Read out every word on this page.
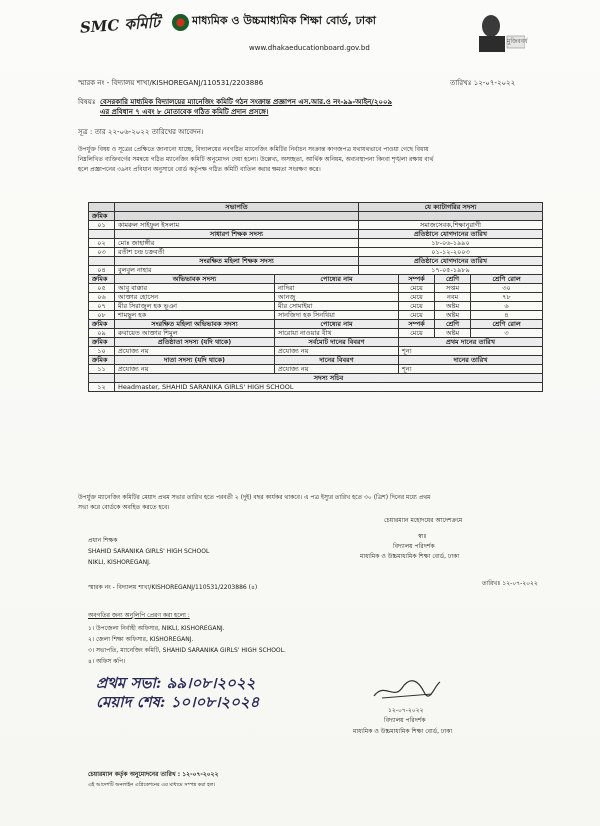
SMC কমিটি	মাধ্যমিক ও উচ্চমাধ্যমিক শিক্ষা বোর্ড, ঢাকা
www.dhakaeducationboard.gov.bd
মুজিববর্ষ
স্মারক নং - বিদ্যালয় শাখা/KISHOREGANJ/110531/2203886	তারিখঃ ১২-০৭-২০২২
বিষয়ঃ বেসরকারি মাধ্যমিক বিদ্যালয়ের ম্যানেজিং কমিটি গঠন সংক্রান্ত প্রজ্ঞাপন এস.আর.ও নং-৯৯-আইন/২০০৯
এর প্রবিধান ৭ এবং ৮ মোতাবেক গঠিত কমিটি প্রদান প্রসঙ্গে।
সূত্র : তার ২২-০৬-২০২২ তারিখের আবেদন।
উপর্যুক্ত বিষয় ও সূত্রের প্রেক্ষিতে জানানো যাচ্ছে, বিদ্যালয়ের নবগঠিত ম্যানেজিং কমিটির নির্বাচন সংক্রান্ত কাগজপত্র যথাযথভাবে পাওয়া গেছে বিধায়
নিম্নলিখিত ব্যক্তিবর্গের সমন্বয়ে গঠিত ম্যানেজিং কমিটি অনুমোদন দেয়া হলো। উল্লেখ্য, অসচ্ছতা, আর্থিক অনিয়ম, অব্যবস্থাপনা কিংবা শৃঙ্খলা রক্ষায় ব্যর্থ
হলে প্রজ্ঞাপনের ৩৯নং প্রবিধান অনুসারে বোর্ড কর্তৃপক্ষ গঠিত কমিটি বাতিল করার ক্ষমতা সংরক্ষণ করে।
	সভাপতি		যে ক্যাটাগরির সদস্য			
ক্রমিক						
০১	কামরুল সাইফুল ইসলাম		সমাজসেবক,শিক্ষানুরাগী			
	সাধারণ শিক্ষক সদস্য		প্রতিষ্ঠানে যোগদানের তারিখ			
০২	মোঃ জাহাঙ্গীর		১৮-০৬-১৯৯০			
০৩	রতীশ চন্দ্র চক্রবর্তী		০১-১২-২০০৩			
	সংরক্ষিত মহিলা শিক্ষক সদস্য		প্রতিষ্ঠানে যোগদানের তারিখ			
০৪	বুলবুল নাহার		১৭-০৫-১৯৮৯			
ক্রমিক	অভিভাবক সদস্য	পোষ্যের নাম		সম্পর্ক	শ্রেণি	শ্রেণি রোল
০৫	আবু বাক্কার	নাদিরা		মেয়ে	সপ্তম	৩০
০৬	আক্তার হোসেন	আনজু		মেয়ে	নবম	৭৮
০৭	মীর সিরাজুল হক ভূঞা	মীর সোমাইয়া		মেয়ে	অষ্টম	৬
০৮	শামছুল হক	সানজিদা হক সিনথিয়া		মেয়ে	অষ্টম	৪
ক্রমিক	সংরক্ষিত মহিলা অভিভাবক সদস্য	পোষ্যের নাম		সম্পর্ক	শ্রেণি	শ্রেণি রোল
০৯	রুবায়েত আক্তার শিমুল	সারোয়া নাওয়ার বীথ		মেয়ে	অষ্টম	৩
ক্রমিক	প্রতিষ্ঠাতা সদস্য (যদি থাকে)	সর্বমোট দানের বিবরণ		প্রথম দানের তারিখ		
১০	প্রযোজ্য নয়	প্রযোজ্য নয়		শূন্য		
ক্রমিক	দাতা সদস্য (যদি থাকে)	দানের বিবরণ		দানের তারিখ		
১১	প্রযোজ্য নয়	প্রযোজ্য নয়		শূন্য		
	সদস্য সচিব					
১২	Headmaster, SHAHID SARANIKA GIRLS' HIGH SCHOOL					
উপর্যুক্ত ম্যানেজিং কমিটির মেয়াদ প্রথম সভার তারিখ হতে পরবর্তী ২ (দুই) বছর কার্যকর থাকবে। এ পত্র ইস্যুর তারিখ হতে ৩০ (ত্রিশ) দিনের মধ্যে প্রথম
সভা করে বোর্ডকে অবহিত করতে হবে।
চেয়ারম্যান মহোদয়ের আদেশক্রমে
স্বাঃ
বিদ্যালয় পরিদর্শক
মাধ্যমিক ও উচ্চমাধ্যমিক শিক্ষা বোর্ড, ঢাকা
প্রধান শিক্ষক
SHAHID SARANIKA GIRLS' HIGH SCHOOL
NIKLI, KISHOREGANJ.
স্মারক নং - বিদ্যালয় শাখা/KISHOREGANJ/110531/2203886 (৪)
তারিখঃ ১২-০৭-২০২২
অবগতির জন্য অনুলিপি প্রেরণ করা হলো :
১। উপজেলা নির্বাহী অফিসার, NIKLI, KISHOREGANJ.
২। জেলা শিক্ষা অফিসার, KISHOREGANJ.
৩। সভাপতি, ম্যানেজিং কমিটি, SHAHID SARANIKA GIRLS' HIGH SCHOOL.
৪। অফিস কপি।
প্রথম সভা: ৯৯।০৮।২০২২
মেয়াদ শেষ: ১০।০৮।২০২৪	১২-০৭-২০২২
বিদ্যালয় পরিদর্শক
মাধ্যমিক ও উচ্চমাধ্যমিক শিক্ষা বোর্ড, ঢাকা
চেয়ারম্যান কর্তৃক অনুমোদনের তারিখ : ১২-০৭-২০২২
এই আদেশটি অনলাইন এপ্লিকেশনের এর মাধ্যমে সম্পন্ন করা হল।
